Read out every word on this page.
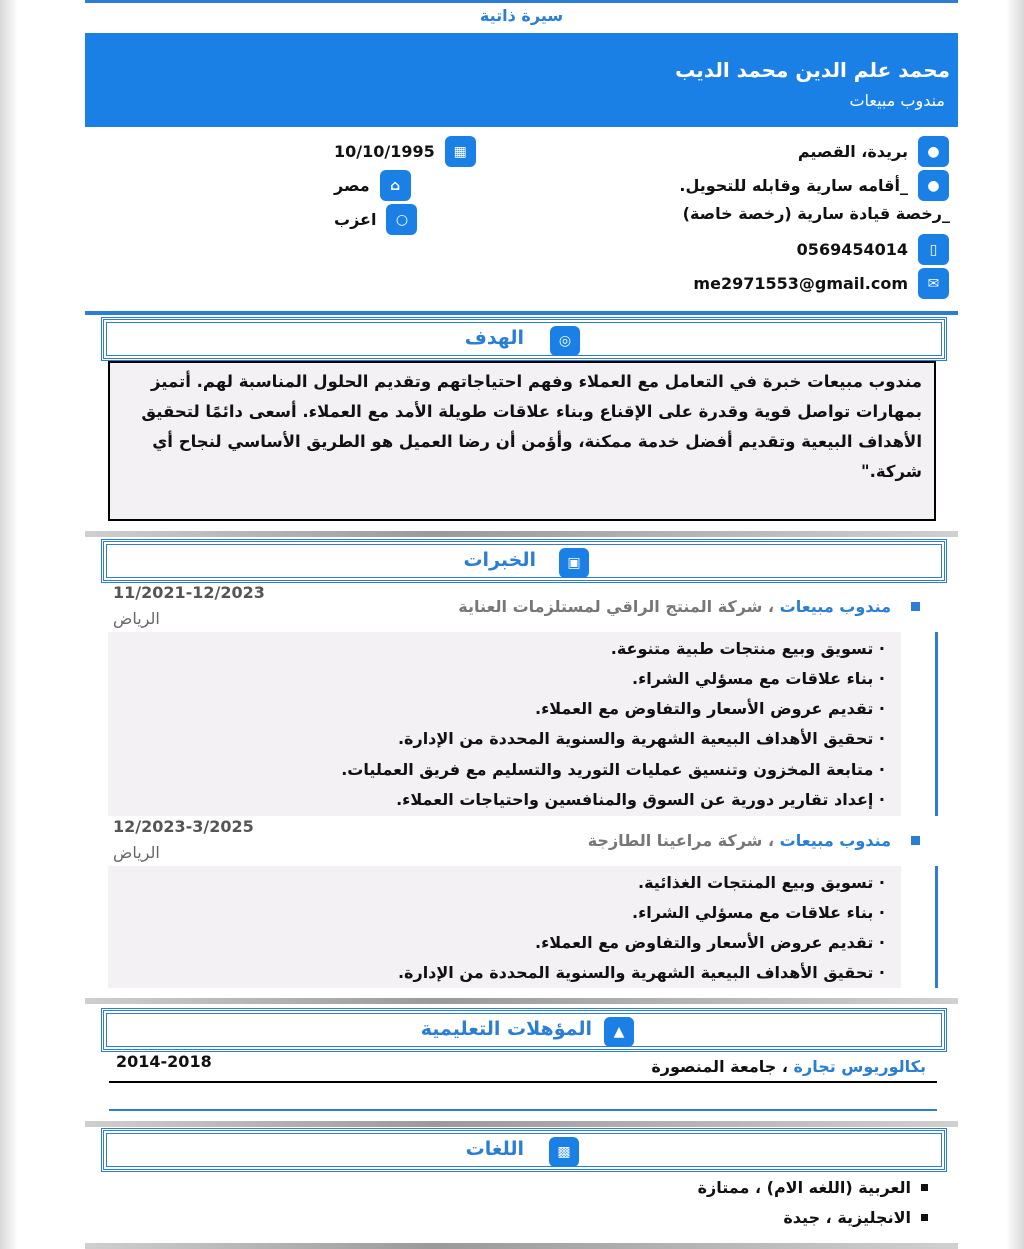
سيرة ذاتية
محمد علم الدين محمد الديب
مندوب مبيعات
●
بريدة، القصيم
●
_أقامه سارية وقابله للتحويل.
_رخصة قيادة سارية (رخصة خاصة)
▯
0569454014
✉
me2971553@gmail.com
▦
10/10/1995
⌂
مصر
○
اعزب
◎
الهدف
مندوب مبيعات خبرة في التعامل مع العملاء وفهم احتياجاتهم وتقديم الحلول المناسبة لهم. أتميز بمهارات تواصل قوية وقدرة على الإقناع وبناء علاقات طويلة الأمد مع العملاء. أسعى دائمًا لتحقيق الأهداف البيعية وتقديم أفضل خدمة ممكنة، وأؤمن أن رضا العميل هو الطريق الأساسي لنجاح أي شركة."
▣
الخبرات
مندوب مبيعات ، شركة المنتج الراقي لمستلزمات العناية
11/2021-12/2023
الرياض
· تسويق وبيع منتجات طبية متنوعة.
· بناء علاقات مع مسؤلي الشراء.
· تقديم عروض الأسعار والتفاوض مع العملاء.
· تحقيق الأهداف البيعية الشهرية والسنوية المحددة من الإدارة.
· متابعة المخزون وتنسيق عمليات التوريد والتسليم مع فريق العمليات.
· إعداد تقارير دورية عن السوق والمنافسين واحتياجات العملاء.
مندوب مبيعات ، شركة مراعينا الطازجة
12/2023-3/2025
الرياض
· تسويق وبيع المنتجات الغذائية.
· بناء علاقات مع مسؤلي الشراء.
· تقديم عروض الأسعار والتفاوض مع العملاء.
· تحقيق الأهداف البيعية الشهرية والسنوية المحددة من الإدارة.
▲
المؤهلات التعليمية
بكالوريوس تجارة ، جامعة المنصورة
2014-2018
▩
اللغات
العربية (اللغه الام) ، ممتازة
الانجليزية ، جيدة
